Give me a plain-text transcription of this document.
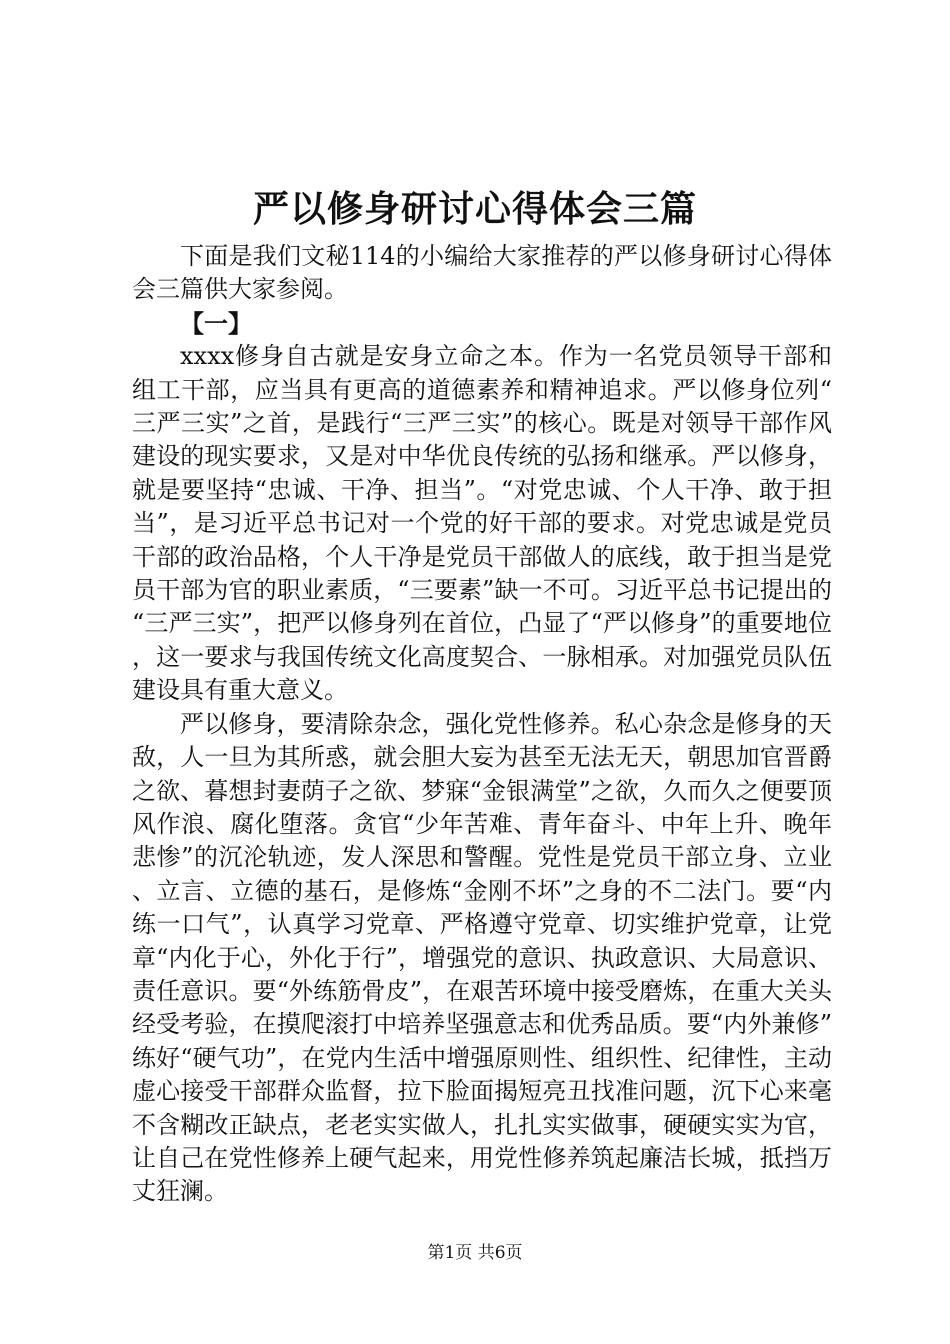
严以修身研讨心得体会三篇

下面是我们文秘114的小编给大家推荐的严以修身研讨心得体会三篇供大家参阅。

【一】

xxxx修身自古就是安身立命之本。作为一名党员领导干部和组工干部，应当具有更高的道德素养和精神追求。严以修身位列“三严三实”之首，是践行“三严三实”的核心。既是对领导干部作风建设的现实要求，又是对中华优良传统的弘扬和继承。严以修身，就是要坚持“忠诚、干净、担当”。“对党忠诚、个人干净、敢于担当”，是习近平总书记对一个党的好干部的要求。对党忠诚是党员干部的政治品格，个人干净是党员干部做人的底线，敢于担当是党员干部为官的职业素质，“三要素”缺一不可。习近平总书记提出的“三严三实”，把严以修身列在首位，凸显了“严以修身”的重要地位，这一要求与我国传统文化高度契合、一脉相承。对加强党员队伍建设具有重大意义。

严以修身，要清除杂念，强化党性修养。私心杂念是修身的天敌，人一旦为其所惑，就会胆大妄为甚至无法无天，朝思加官晋爵之欲、暮想封妻荫子之欲、梦寐“金银满堂”之欲，久而久之便要顶风作浪、腐化堕落。贪官“少年苦难、青年奋斗、中年上升、晚年悲惨”的沉沦轨迹，发人深思和警醒。党性是党员干部立身、立业、立言、立德的基石，是修炼“金刚不坏”之身的不二法门。要“内练一口气”，认真学习党章、严格遵守党章、切实维护党章，让党章“内化于心，外化于行”，增强党的意识、执政意识、大局意识、责任意识。要“外练筋骨皮”，在艰苦环境中接受磨炼，在重大关头经受考验，在摸爬滚打中培养坚强意志和优秀品质。要“内外兼修”练好“硬气功”，在党内生活中增强原则性、组织性、纪律性，主动虚心接受干部群众监督，拉下脸面揭短亮丑找准问题，沉下心来毫不含糊改正缺点，老老实实做人，扎扎实实做事，硬硬实实为官，让自己在党性修养上硬气起来，用党性修养筑起廉洁长城，抵挡万丈狂澜。

第1页 共6页
